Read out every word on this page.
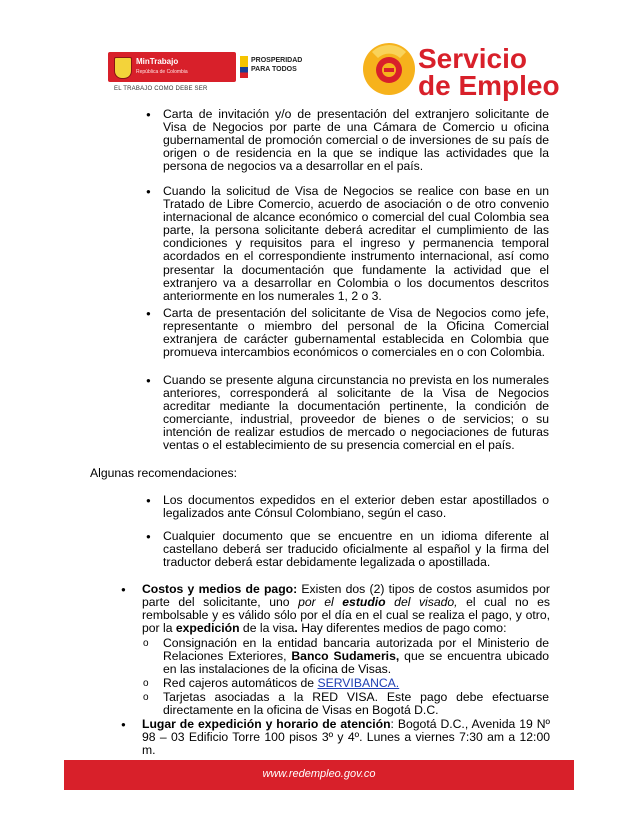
MinTrabajo
República de Colombia
PROSPERIDAD
PARA TODOS
EL TRABAJO COMO DEBE SER
Servicio
de Empleo
● Carta de invitación y/o de presentación del extranjero solicitante de Visa de Negocios por parte de una Cámara de Comercio u oficina gubernamental de promoción comercial o de inversiones de su país de origen o de residencia en la que se indique las actividades que la persona de negocios va a desarrollar en el país.
● Cuando la solicitud de Visa de Negocios se realice con base en un Tratado de Libre Comercio, acuerdo de asociación o de otro convenio internacional de alcance económico o comercial del cual Colombia sea parte, la persona solicitante deberá acreditar el cumplimiento de las condiciones y requisitos para el ingreso y permanencia temporal acordados en el correspondiente instrumento internacional, así como presentar la documentación que fundamente la actividad que el extranjero va a desarrollar en Colombia o los documentos descritos anteriormente en los numerales 1, 2 o 3.
● Carta de presentación del solicitante de Visa de Negocios como jefe, representante o miembro del personal de la Oficina Comercial extranjera de carácter gubernamental establecida en Colombia que promueva intercambios económicos o comerciales en o con Colombia.
● Cuando se presente alguna circunstancia no prevista en los numerales anteriores, corresponderá al solicitante de la Visa de Negocios acreditar mediante la documentación pertinente, la condición de comerciante, industrial, proveedor de bienes o de servicios; o su intención de realizar estudios de mercado o negociaciones de futuras ventas o el establecimiento de su presencia comercial en el país.
Algunas recomendaciones:
● Los documentos expedidos en el exterior deben estar apostillados o legalizados ante Cónsul Colombiano, según el caso.
● Cualquier documento que se encuentre en un idioma diferente al castellano deberá ser traducido oficialmente al español y la firma del traductor deberá estar debidamente legalizada o apostillada.
● Costos y medios de pago: Existen dos (2) tipos de costos asumidos por parte del solicitante, uno por el estudio del visado, el cual no es rembolsable y es válido sólo por el día en el cual se realiza el pago, y otro, por la expedición de la visa. Hay diferentes medios de pago como:
o Consignación en la entidad bancaria autorizada por el Ministerio de Relaciones Exteriores, Banco Sudameris, que se encuentra ubicado en las instalaciones de la oficina de Visas.
o Red cajeros automáticos de SERVIBANCA.
o Tarjetas asociadas a la RED VISA. Este pago debe efectuarse directamente en la oficina de Visas en Bogotá D.C.
● Lugar de expedición y horario de atención: Bogotá D.C., Avenida 19 Nº 98 – 03 Edificio Torre 100 pisos 3º y 4º. Lunes a viernes 7:30 am a 12:00 m.
www.redempleo.gov.co
